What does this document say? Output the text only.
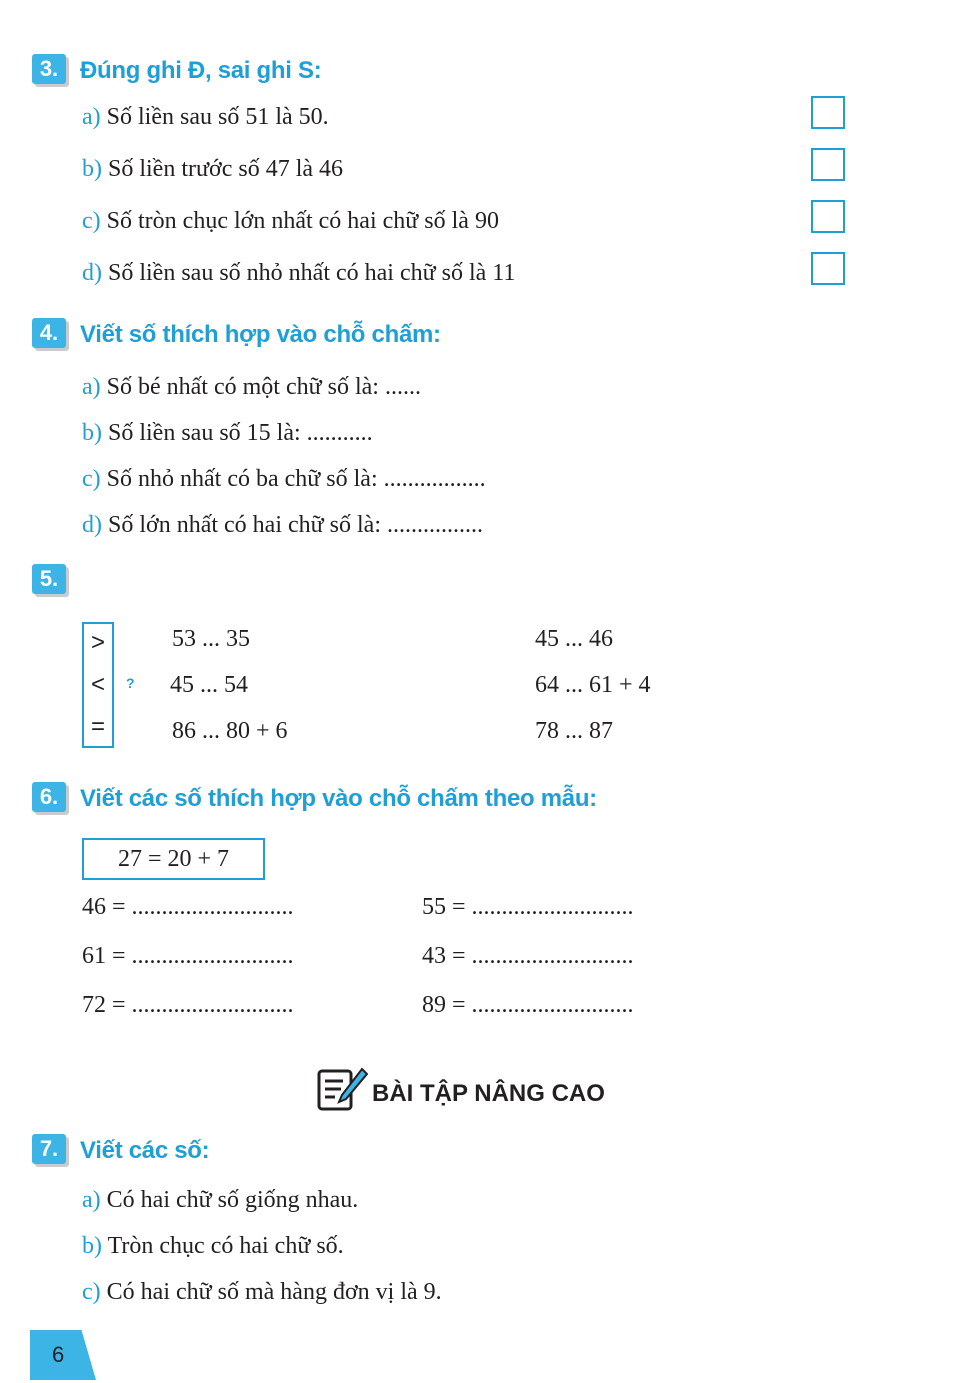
3. Đúng ghi Đ, sai ghi S:
a) Số liền sau số 51 là 50.
b) Số liền trước số 47 là 46
c) Số tròn chục lớn nhất có hai chữ số là 90
d) Số liền sau số nhỏ nhất có hai chữ số là 11
4. Viết số thích hợp vào chỗ chấm:
a) Số bé nhất có một chữ số là: ......
b) Số liền sau số 15 là: ...........
c) Số nhỏ nhất có ba chữ số là: .................
d) Số lớn nhất có hai chữ số là: ................
5.
>
<
=
?
53 ... 35
45 ... 54
86 ... 80 + 6
45 ... 46
64 ... 61 + 4
78 ... 87
6. Viết các số thích hợp vào chỗ chấm theo mẫu:
27 = 20 + 7
46 = ...........................
61 = ...........................
72 = ...........................
55 = ...........................
43 = ...........................
89 = ...........................
BÀI TẬP NÂNG CAO
7. Viết các số:
a) Có hai chữ số giống nhau.
b) Tròn chục có hai chữ số.
c) Có hai chữ số mà hàng đơn vị là 9.
6
